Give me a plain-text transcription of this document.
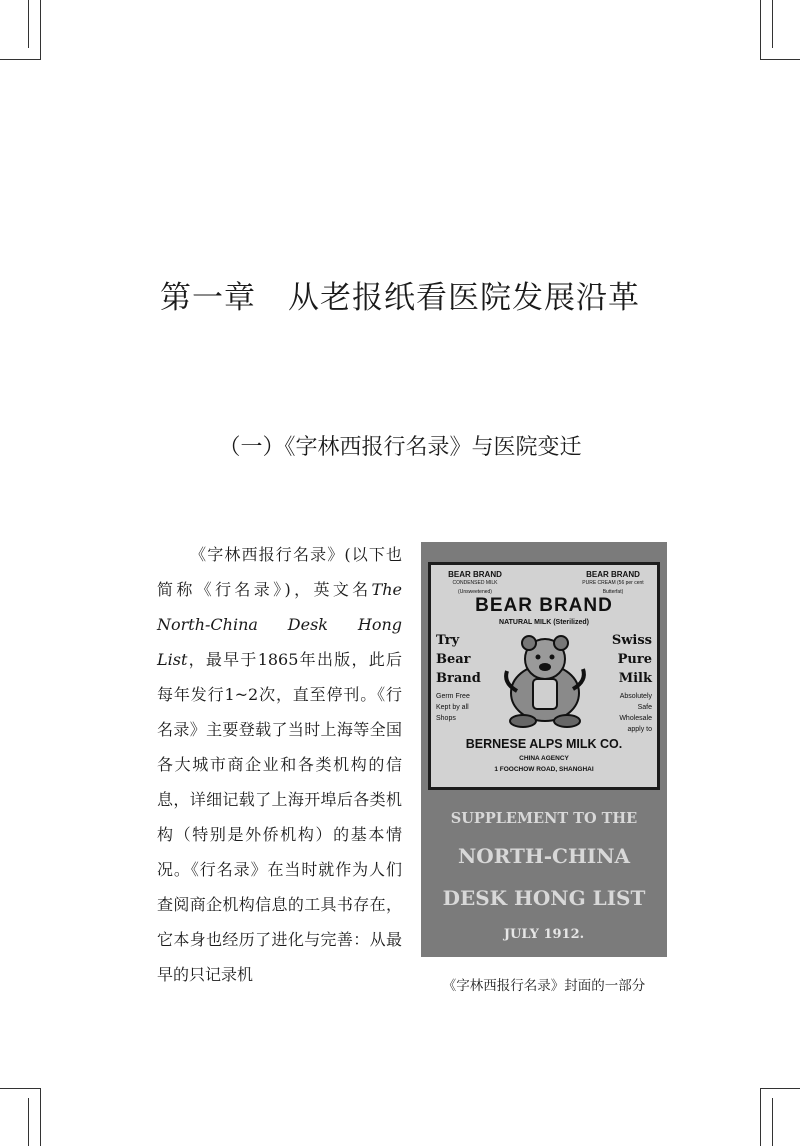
第一章　从老报纸看医院发展沿革
（一）《字林西报行名录》与医院变迁

  《字林西报行名录》(以下也简称《行名录》)，英文名The North-China Desk Hong List，最早于1865年出版，此后每年发行1~2次，直至停刊。《行名录》主要登载了当时上海等全国各大城市商企业和各类机构的信息，详细记载了上海开埠后各类机构（特别是外侨机构）的基本情况。《行名录》在当时就作为人们查阅商企机构信息的工具书存在，它本身也经历了进化与完善：从最早的只记录机

BEAR BRAND
CONDENSED MILK (Unsweetened)
BEAR BRAND
PURE CREAM (56 per cent Butterfat)
BEAR BRAND
NATURAL MILK (Sterilized)
Try
Bear
Brand
Germ Free
Kept by all
Shops
Swiss
Pure
Milk
Absolutely
Safe
Wholesale
apply to
BERNESE ALPS MILK CO.
CHINA AGENCY
1 FOOCHOW ROAD, SHANGHAI
SUPPLEMENT TO THE
NORTH-CHINA
DESK HONG LIST
JULY 1912.

《字林西报行名录》封面的一部分
